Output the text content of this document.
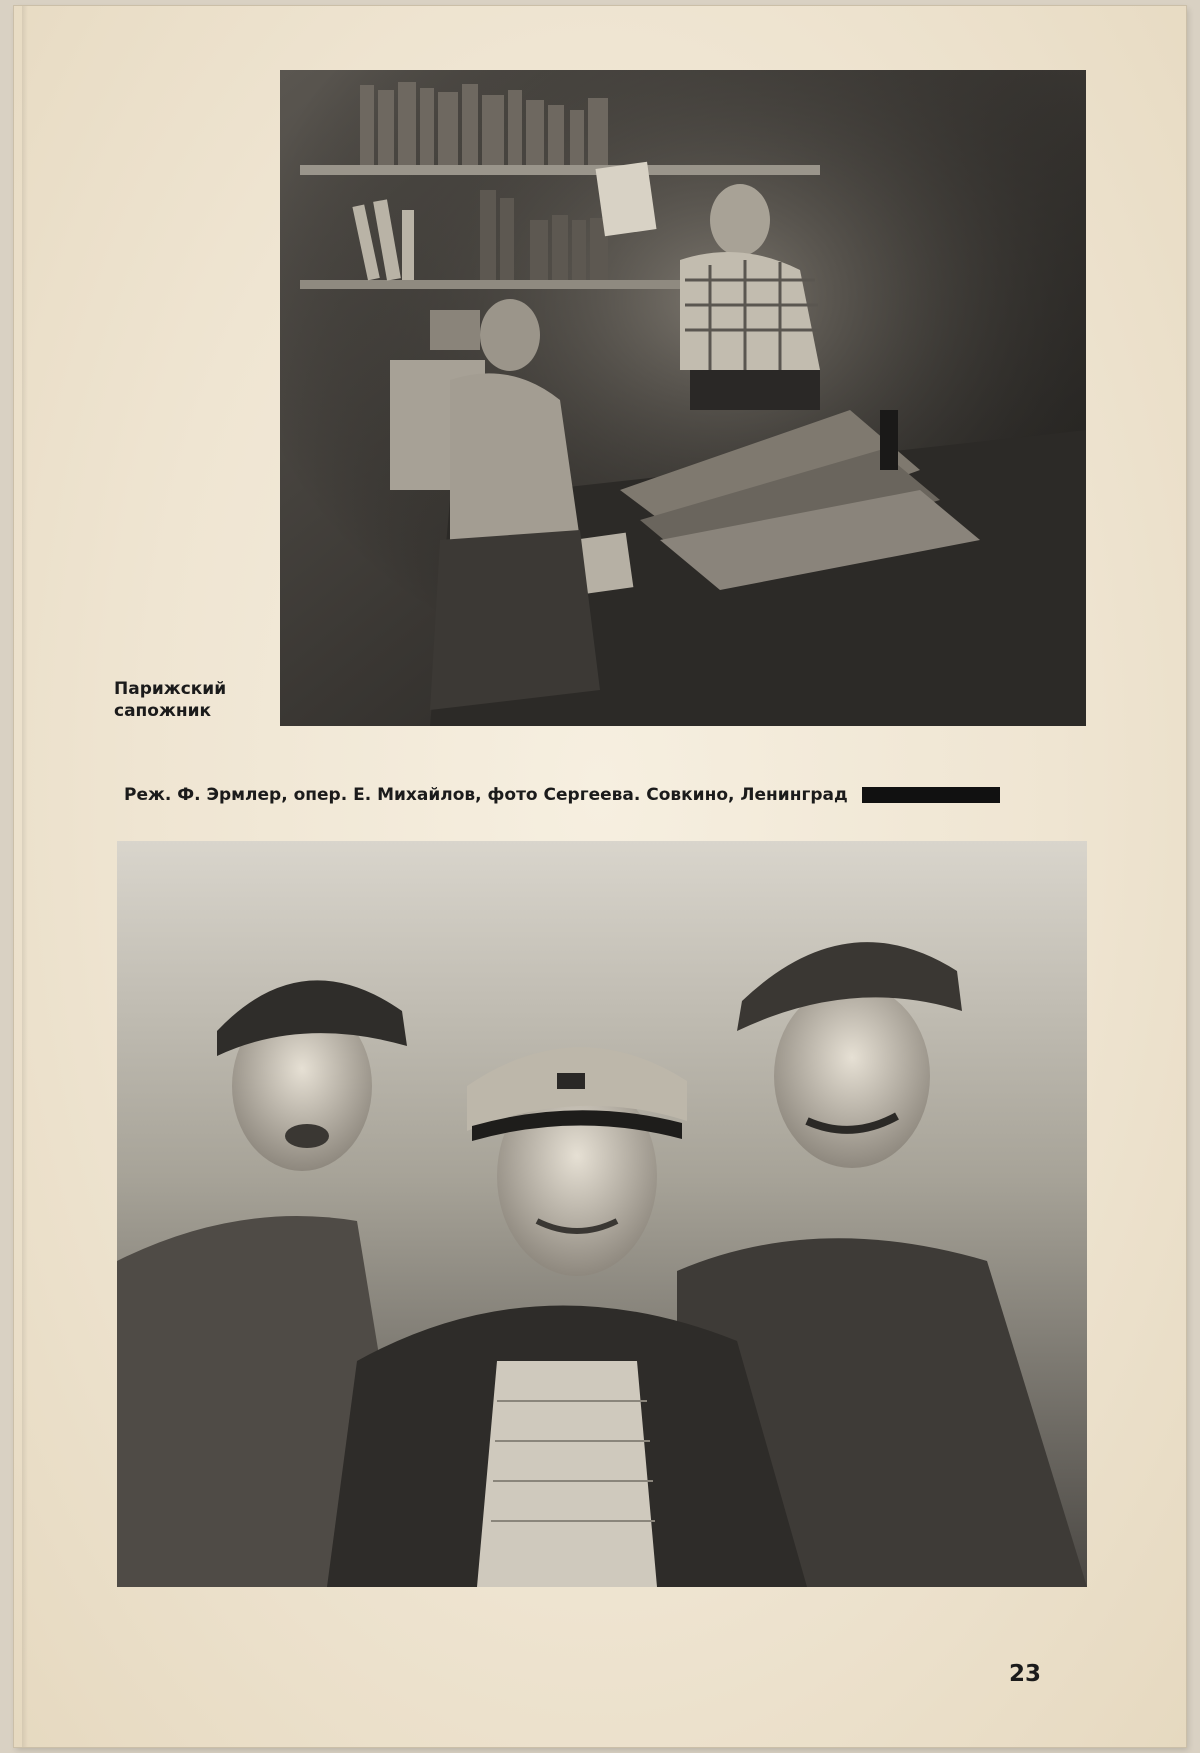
Парижский
сапожник
Реж. Ф. Эрмлер, опер. Е. Михайлов, фото Сергеева. Совкино, Ленинград
23
